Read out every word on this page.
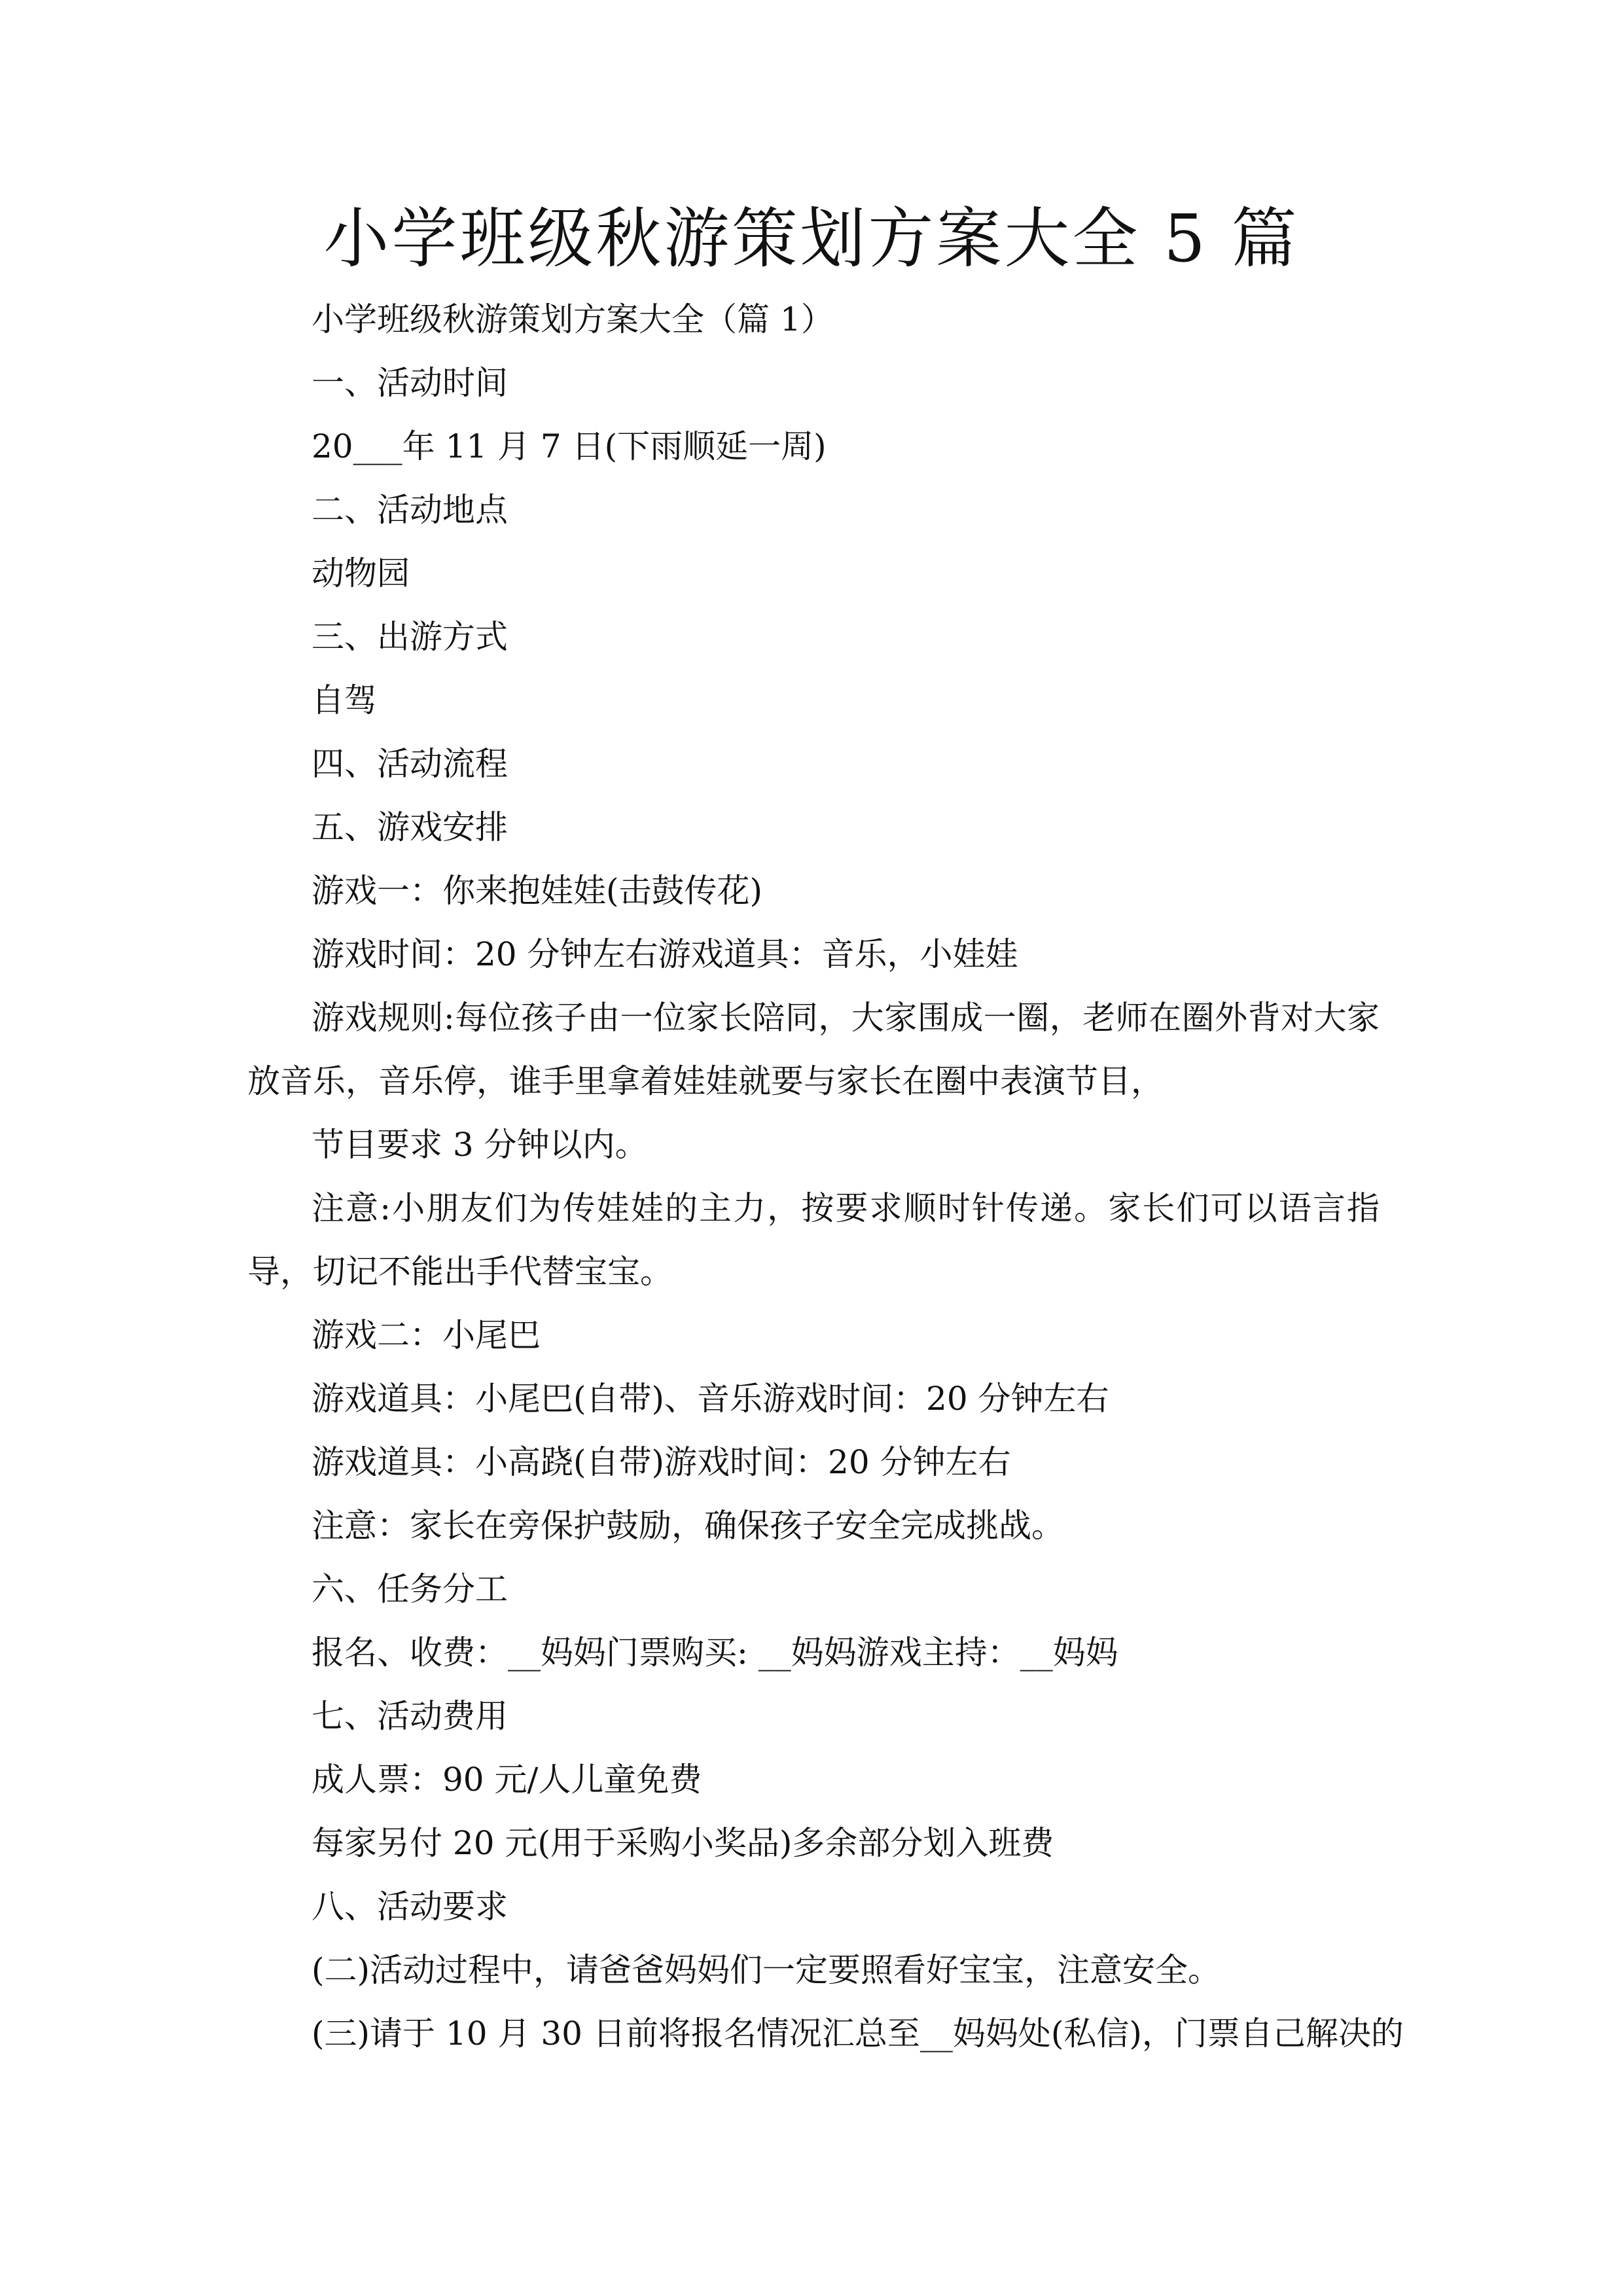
小学班级秋游策划方案大全 5 篇

小学班级秋游策划方案大全（篇 1）

一、活动时间

20___年 11 月 7 日(下雨顺延一周)

二、活动地点

动物园

三、出游方式

自驾

四、活动流程

五、游戏安排

游戏一：你来抱娃娃(击鼓传花)

游戏时间：20 分钟左右游戏道具：音乐，小娃娃

游戏规则:每位孩子由一位家长陪同，大家围成一圈，老师在圈外背对大家放音乐，音乐停，谁手里拿着娃娃就要与家长在圈中表演节目，

节目要求 3 分钟以内。

注意:小朋友们为传娃娃的主力，按要求顺时针传递。家长们可以语言指导，切记不能出手代替宝宝。

游戏二：小尾巴

游戏道具：小尾巴(自带)、音乐游戏时间：20 分钟左右

游戏道具：小高跷(自带)游戏时间：20 分钟左右

注意：家长在旁保护鼓励，确保孩子安全完成挑战。

六、任务分工

报名、收费：__妈妈门票购买: __妈妈游戏主持：__妈妈

七、活动费用

成人票：90 元/人儿童免费

每家另付 20 元(用于采购小奖品)多余部分划入班费

八、活动要求

(二)活动过程中，请爸爸妈妈们一定要照看好宝宝，注意安全。

(三)请于 10 月 30 日前将报名情况汇总至__妈妈处(私信)，门票自己解决的
